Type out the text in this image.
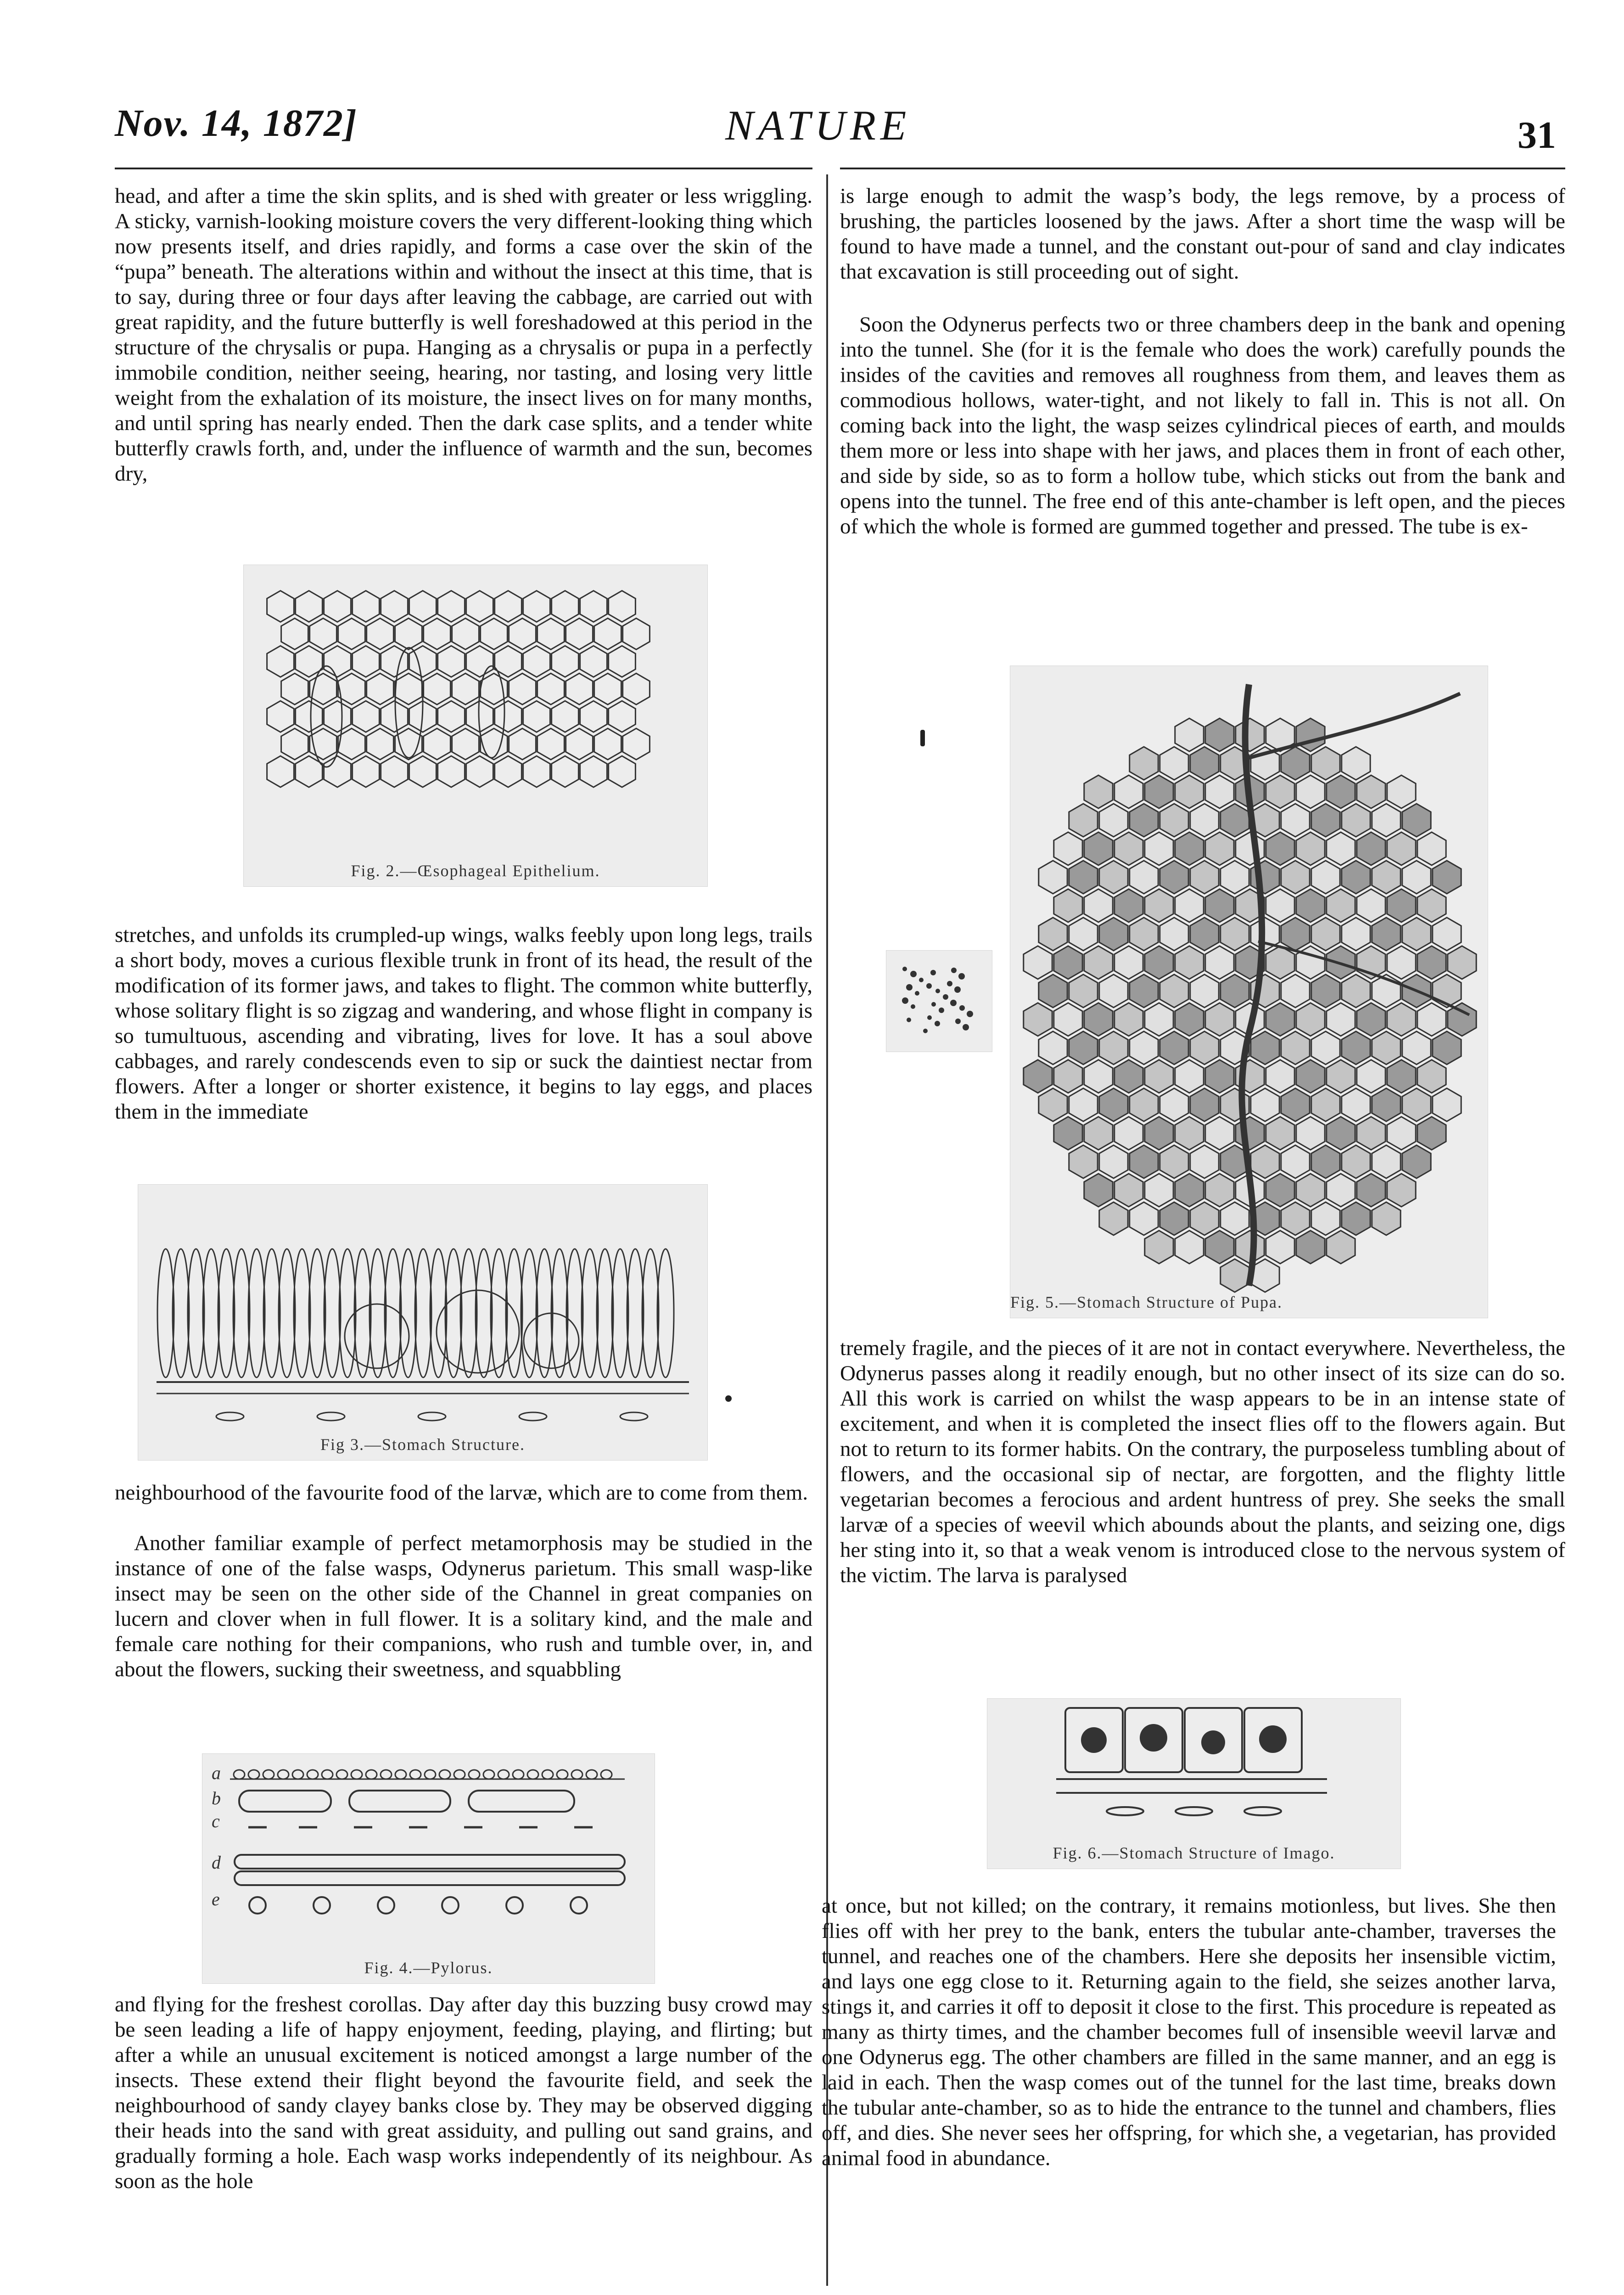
Nov. 14, 1872]	NATURE	31

head, and after a time the skin splits, and is shed with greater or less wriggling. A sticky, varnish-looking moisture covers the very different-looking thing which now presents itself, and dries rapidly, and forms a case over the skin of the “pupa” beneath. The alterations within and without the insect at this time, that is to say, during three or four days after leaving the cabbage, are carried out with great rapidity, and the future butterfly is well foreshadowed at this period in the structure of the chrysalis or pupa. Hanging as a chrysalis or pupa in a perfectly immobile condition, neither seeing, hearing, nor tasting, and losing very little weight from the exhalation of its moisture, the insect lives on for many months, and until spring has nearly ended. Then the dark case splits, and a tender white butterfly crawls forth, and, under the influence of warmth and the sun, becomes dry,

Fig. 2.—Œsophageal Epithelium.

stretches, and unfolds its crumpled-up wings, walks feebly upon long legs, trails a short body, moves a curious flexible trunk in front of its head, the result of the modification of its former jaws, and takes to flight. The common white butterfly, whose solitary flight is so zigzag and wandering, and whose flight in company is so tumultuous, ascending and vibrating, lives for love. It has a soul above cabbages, and rarely condescends even to sip or suck the daintiest nectar from flowers. After a longer or shorter existence, it begins to lay eggs, and places them in the immediate

Fig 3.—Stomach Structure.

neighbourhood of the favourite food of the larvæ, which are to come from them.

Another familiar example of perfect metamorphosis may be studied in the instance of one of the false wasps, Odynerus parietum. This small wasp-like insect may be seen on the other side of the Channel in great companies on lucern and clover when in full flower. It is a solitary kind, and the male and female care nothing for their companions, who rush and tumble over, in, and about the flowers, sucking their sweetness, and squabbling

a
b
c
d
e
Fig. 4.—Pylorus.

and flying for the freshest corollas. Day after day this buzzing busy crowd may be seen leading a life of happy enjoyment, feeding, playing, and flirting; but after a while an unusual excitement is noticed amongst a large number of the insects. These extend their flight beyond the favourite field, and seek the neighbourhood of sandy clayey banks close by. They may be observed digging their heads into the sand with great assiduity, and pulling out sand grains, and gradually forming a hole. Each wasp works independently of its neighbour. As soon as the hole

is large enough to admit the wasp’s body, the legs remove, by a process of brushing, the particles loosened by the jaws. After a short time the wasp will be found to have made a tunnel, and the constant out-pour of sand and clay indicates that excavation is still proceeding out of sight.

Soon the Odynerus perfects two or three chambers deep in the bank and opening into the tunnel. She (for it is the female who does the work) carefully pounds the insides of the cavities and removes all roughness from them, and leaves them as commodious hollows, water-tight, and not likely to fall in. This is not all. On coming back into the light, the wasp seizes cylindrical pieces of earth, and moulds them more or less into shape with her jaws, and places them in front of each other, and side by side, so as to form a hollow tube, which sticks out from the bank and opens into the tunnel. The free end of this ante-chamber is left open, and the pieces of which the whole is formed are gummed together and pressed. The tube is ex-

Fig. 5.—Stomach Structure of Pupa.

tremely fragile, and the pieces of it are not in contact everywhere. Nevertheless, the Odynerus passes along it readily enough, but no other insect of its size can do so. All this work is carried on whilst the wasp appears to be in an intense state of excitement, and when it is completed the insect flies off to the flowers again. But not to return to its former habits. On the contrary, the purposeless tumbling about of flowers, and the occasional sip of nectar, are forgotten, and the flighty little vegetarian becomes a ferocious and ardent huntress of prey. She seeks the small larvæ of a species of weevil which abounds about the plants, and seizing one, digs her sting into it, so that a weak venom is introduced close to the nervous system of the victim. The larva is paralysed

Fig. 6.—Stomach Structure of Imago.

at once, but not killed; on the contrary, it remains motionless, but lives. She then flies off with her prey to the bank, enters the tubular ante-chamber, traverses the tunnel, and reaches one of the chambers. Here she deposits her insensible victim, and lays one egg close to it. Returning again to the field, she seizes another larva, stings it, and carries it off to deposit it close to the first. This procedure is repeated as many as thirty times, and the chamber becomes full of insensible weevil larvæ and one Odynerus egg. The other chambers are filled in the same manner, and an egg is laid in each. Then the wasp comes out of the tunnel for the last time, breaks down the tubular ante-chamber, so as to hide the entrance to the tunnel and chambers, flies off, and dies. She never sees her offspring, for which she, a vegetarian, has provided animal food in abundance.
